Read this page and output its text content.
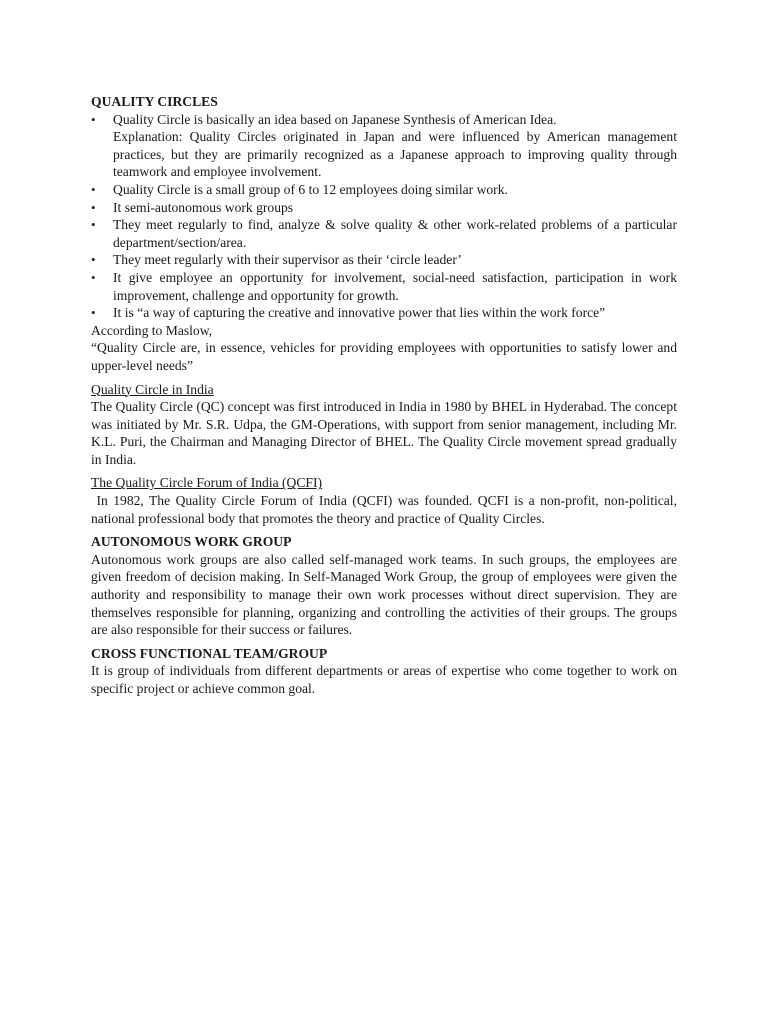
QUALITY CIRCLES
• Quality Circle is basically an idea based on Japanese Synthesis of American Idea.
Explanation: Quality Circles originated in Japan and were influenced by American management practices, but they are primarily recognized as a Japanese approach to improving quality through teamwork and employee involvement.
• Quality Circle is a small group of 6 to 12 employees doing similar work.
• It semi-autonomous work groups
• They meet regularly to find, analyze & solve quality & other work-related problems of a particular department/section/area.
• They meet regularly with their supervisor as their ‘circle leader’
• It give employee an opportunity for involvement, social-need satisfaction, participation in work improvement, challenge and opportunity for growth.
• It is “a way of capturing the creative and innovative power that lies within the work force”

According to Maslow,

“Quality Circle are, in essence, vehicles for providing employees with opportunities to satisfy lower and upper-level needs”

Quality Circle in India

The Quality Circle (QC) concept was first introduced in India in 1980 by BHEL in Hyderabad. The concept was initiated by Mr. S.R. Udpa, the GM-Operations, with support from senior management, including Mr. K.L. Puri, the Chairman and Managing Director of BHEL. The Quality Circle movement spread gradually in India.

The Quality Circle Forum of India (QCFI)

In 1982, The Quality Circle Forum of India (QCFI) was founded. QCFI is a non-profit, non-political, national professional body that promotes the theory and practice of Quality Circles.

AUTONOMOUS WORK GROUP

Autonomous work groups are also called self-managed work teams. In such groups, the employees are given freedom of decision making. In Self-Managed Work Group, the group of employees were given the authority and responsibility to manage their own work processes without direct supervision. They are themselves responsible for planning, organizing and controlling the activities of their groups. The groups are also responsible for their success or failures.

CROSS FUNCTIONAL TEAM/GROUP

It is group of individuals from different departments or areas of expertise who come together to work on specific project or achieve common goal.
